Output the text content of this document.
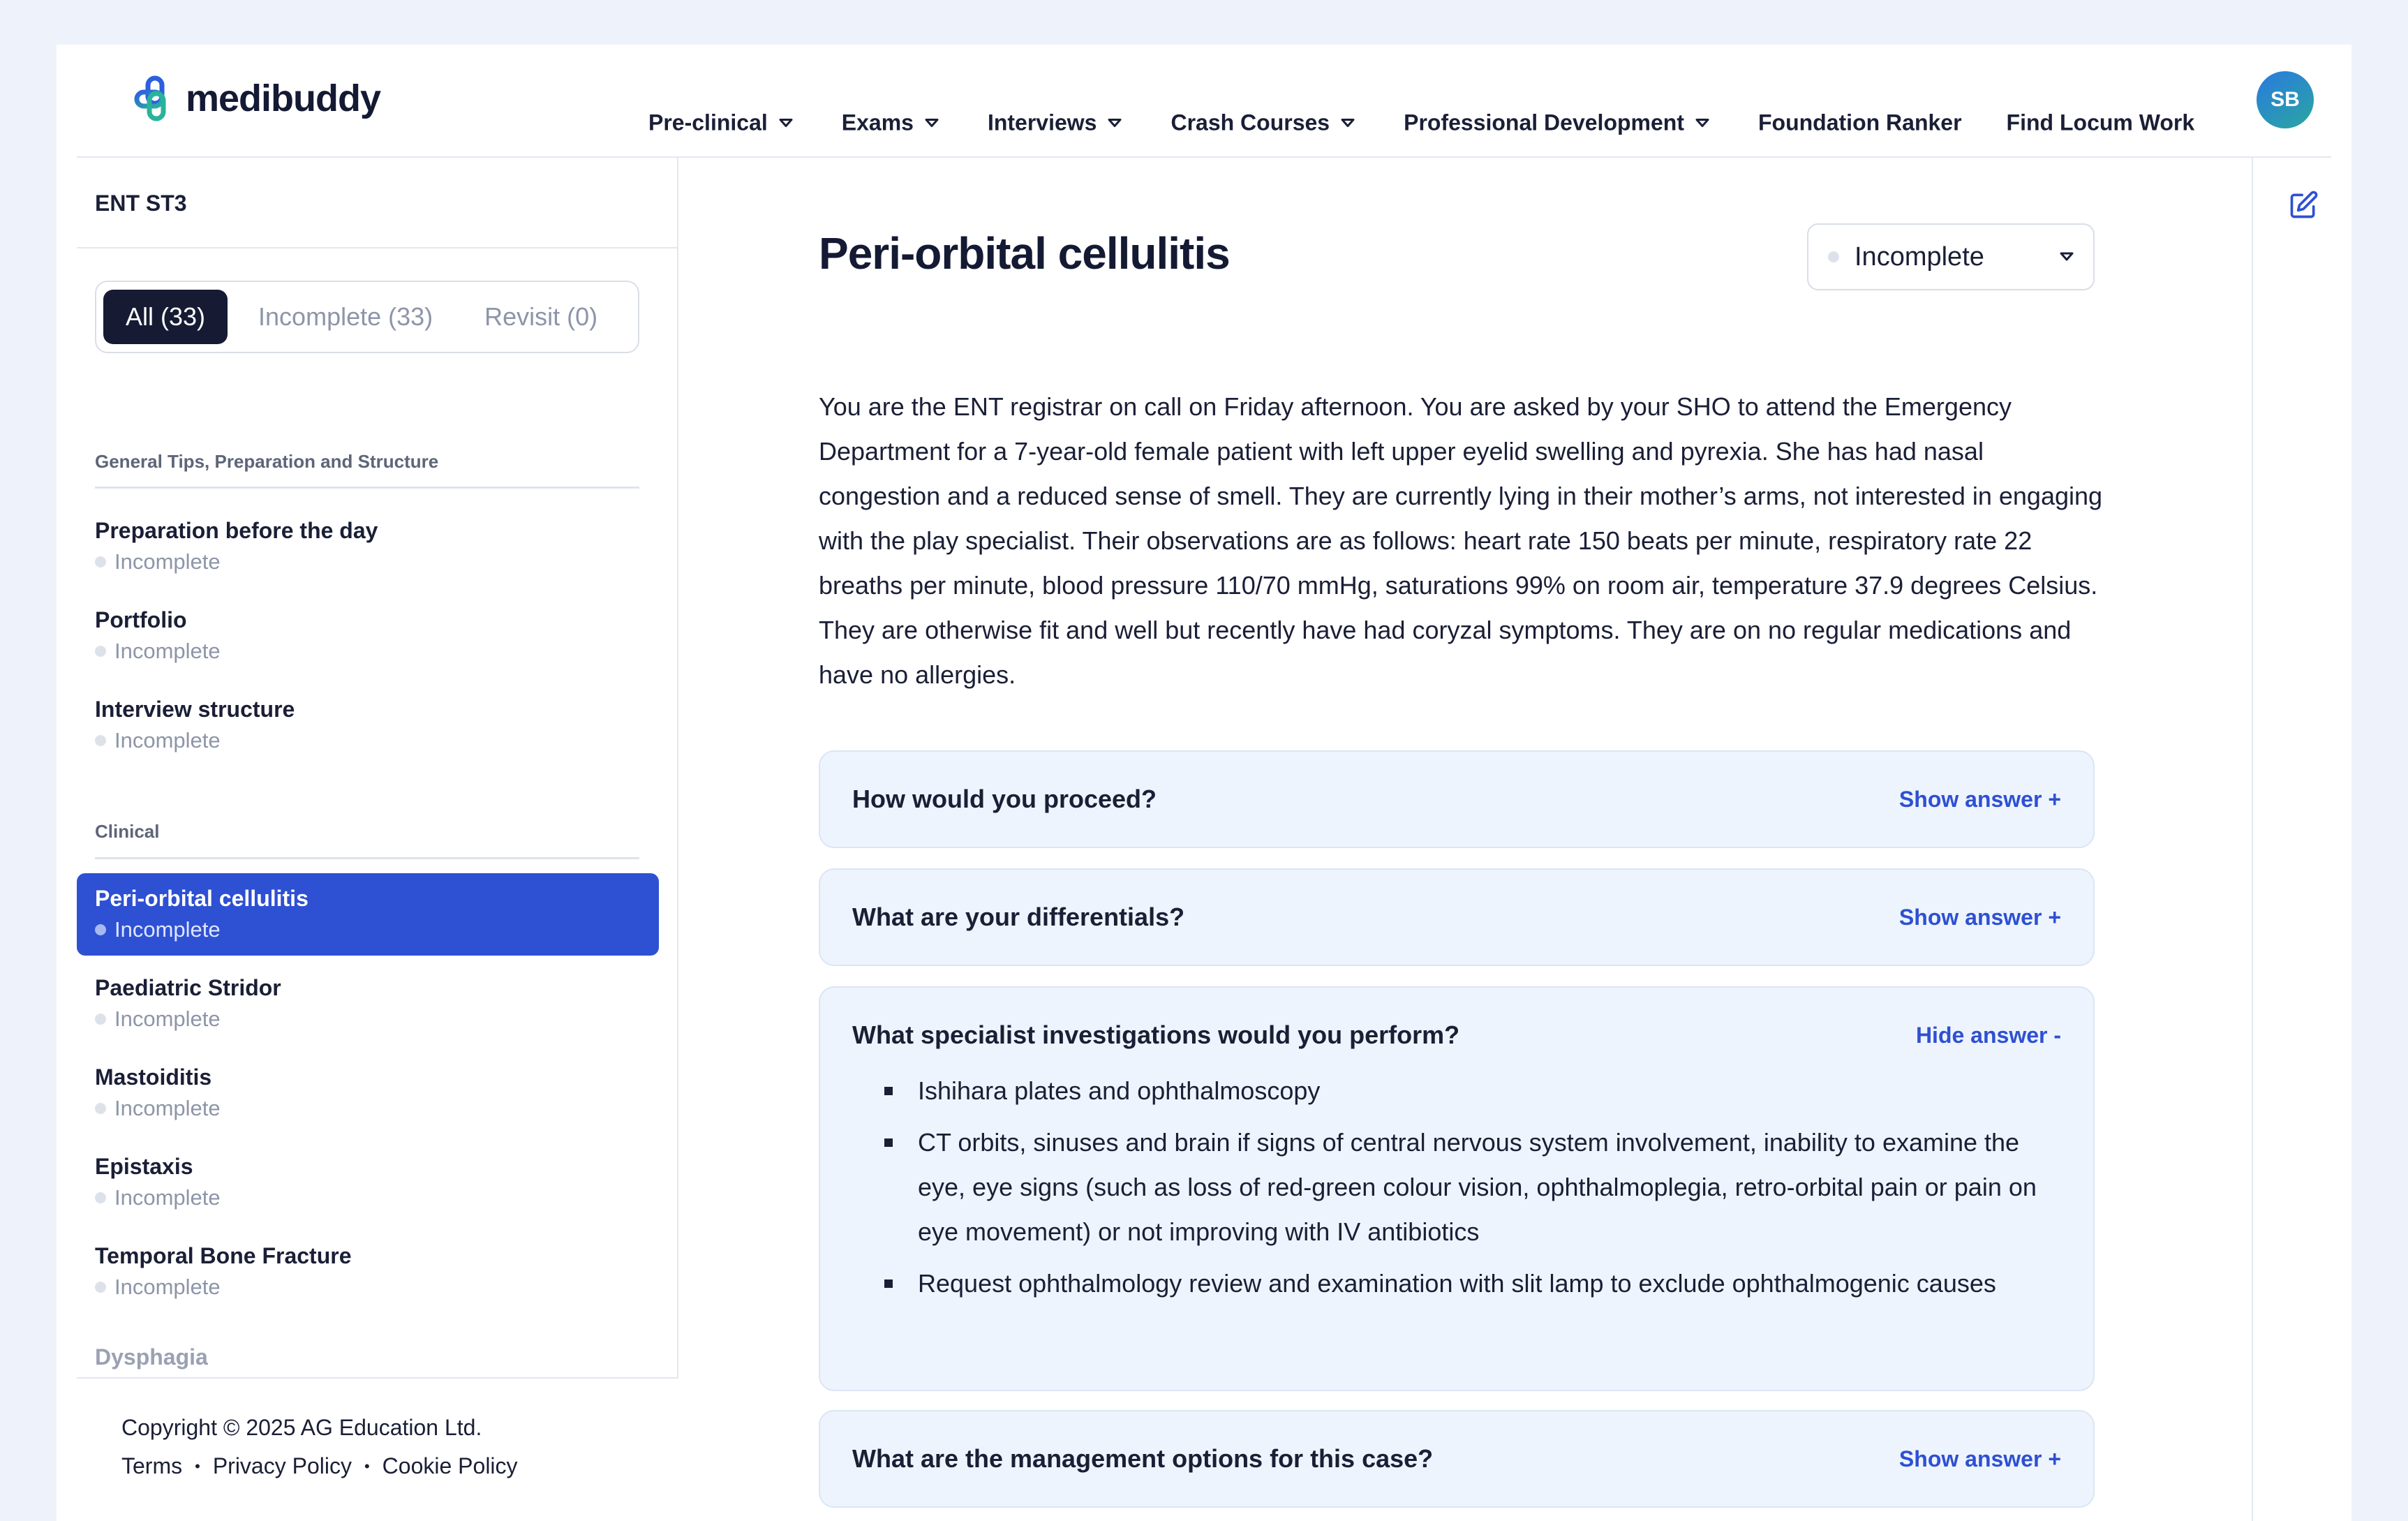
medibuddy
Pre-clinical	Exams	Interviews	Crash Courses	Professional Development	Foundation Ranker Find Locum Work
SB
ENT ST3
All (33)	Incomplete (33)	Revisit (0)
General Tips, Preparation and Structure
Preparation before the day
Incomplete
Portfolio
Incomplete
Interview structure
Incomplete
Clinical
Peri-orbital cellulitis
Incomplete
Paediatric Stridor
Incomplete
Mastoiditis
Incomplete
Epistaxis
Incomplete
Temporal Bone Fracture
Incomplete
Dysphagia
Copyright © 2025 AG Education Ltd.
Terms • Privacy Policy • Cookie Policy
Peri-orbital cellulitis	Incomplete

You are the ENT registrar on call on Friday afternoon. You are asked by your SHO to attend the Emergency Department for a 7-year-old female patient with left upper eyelid swelling and pyrexia. She has had nasal congestion and a reduced sense of smell. They are currently lying in their mother’s arms, not interested in engaging with the play specialist. Their observations are as follows: heart rate 150 beats per minute, respiratory rate 22 breaths per minute, blood pressure 110/70 mmHg, saturations 99% on room air, temperature 37.9 degrees Celsius. They are otherwise fit and well but recently have had coryzal symptoms. They are on no regular medications and have no allergies.

How would you proceed?	Show answer +
What are your differentials?	Show answer +
What specialist investigations would you perform?	Hide answer -
Ishihara plates and ophthalmoscopy
CT orbits, sinuses and brain if signs of central nervous system involvement, inability to examine the eye, eye signs (such as loss of red-green colour vision, ophthalmoplegia, retro-orbital pain or pain on eye movement) or not improving with IV antibiotics
Request ophthalmology review and examination with slit lamp to exclude ophthalmogenic causes
What are the management options for this case?	Show answer +
